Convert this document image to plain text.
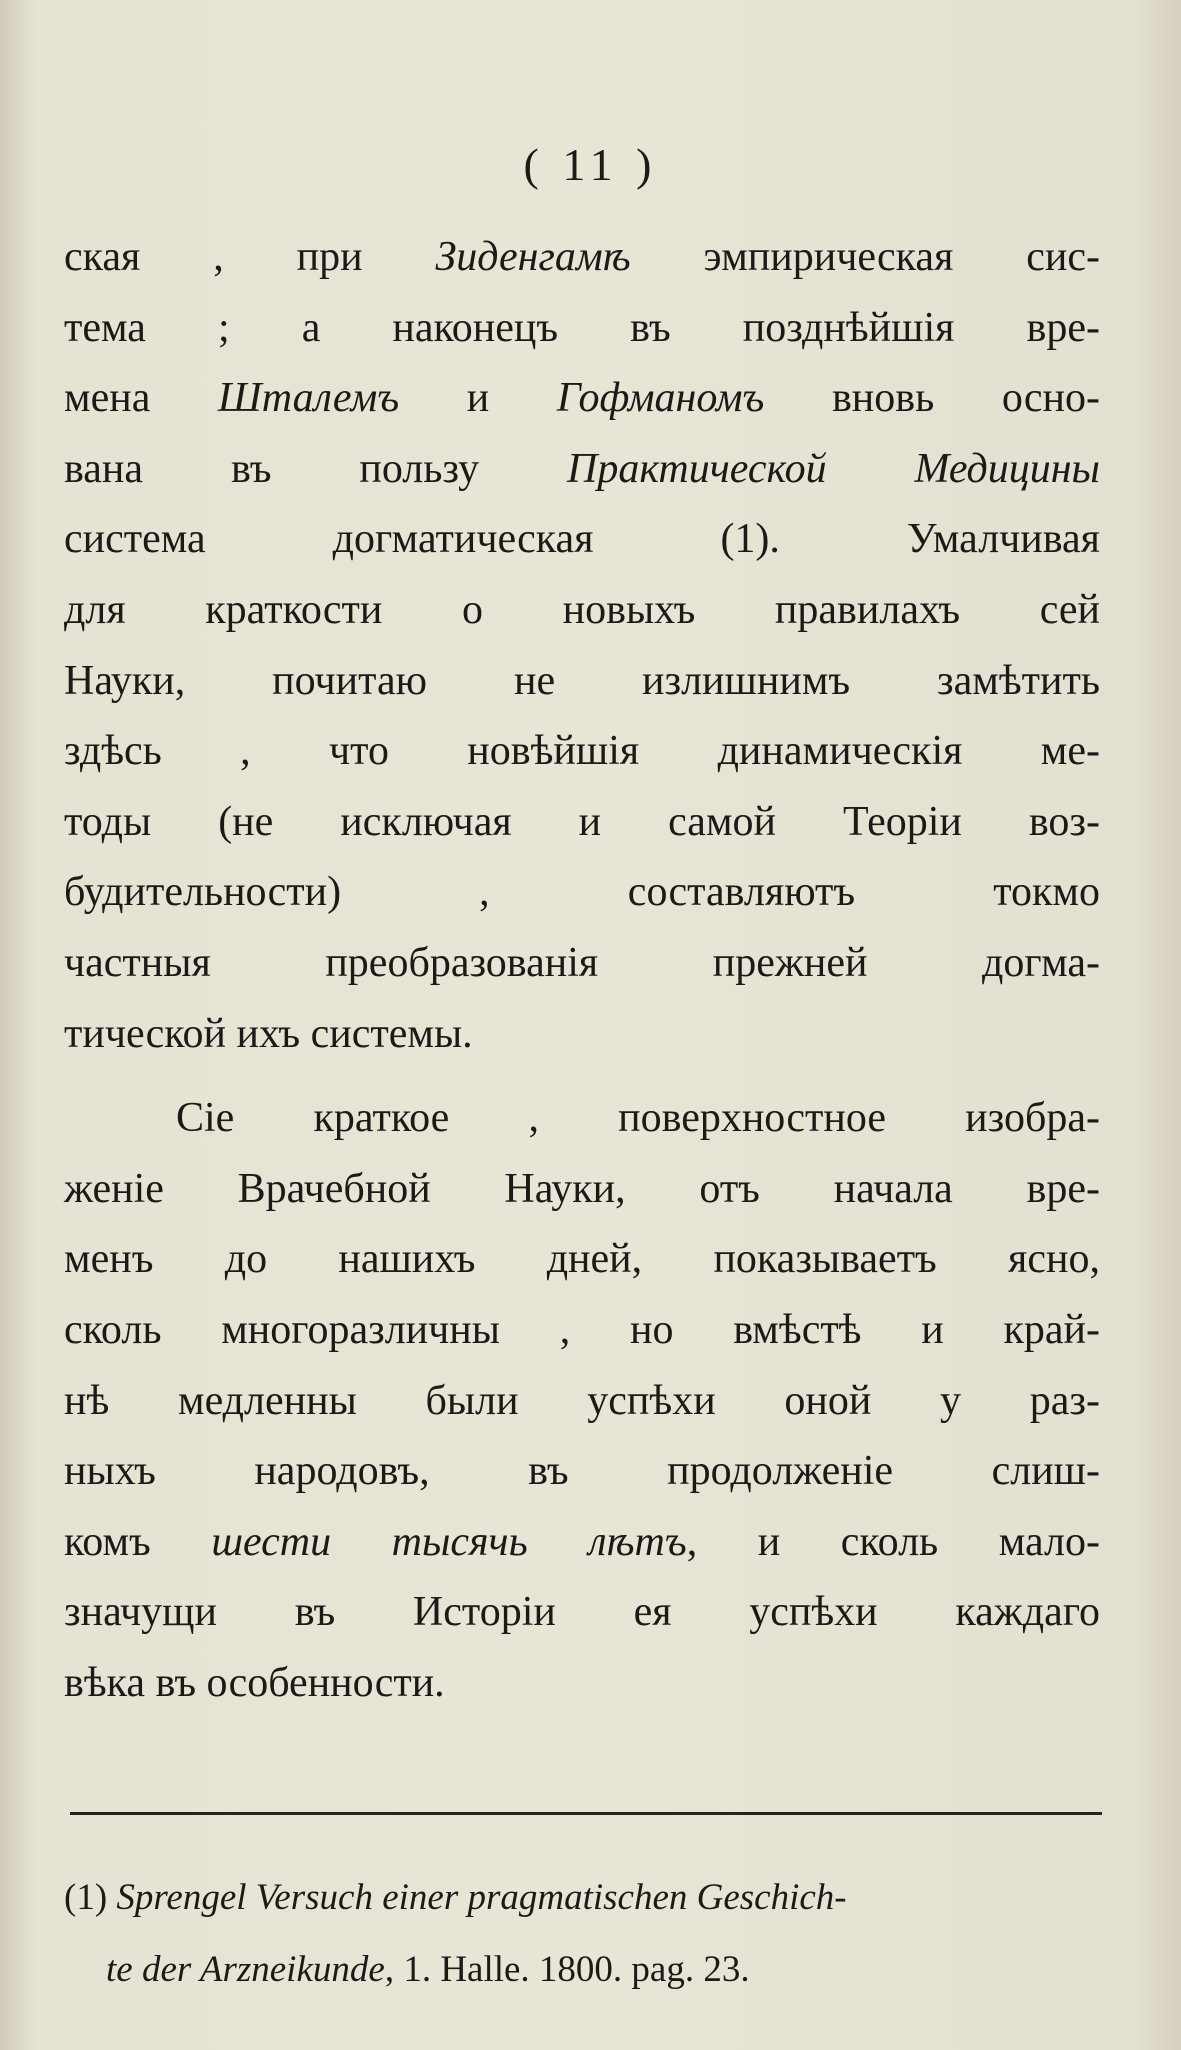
( 11 )
ская , при Зиденгамѣ эмпирическая сис-
тема ; а наконецъ въ позднѣйшія вре-
мена Шталемъ и Гофманомъ вновь осно-
вана въ пользу Практической Медицины
система догматическая (1). Умалчивая
для краткости о новыхъ правилахъ сей
Науки, почитаю не излишнимъ замѣтить
здѣсь , что новѣйшія динамическія ме-
тоды (не исключая и самой Теоріи воз-
будительности) , составляютъ токмо
частныя преобразованія прежней догма-
тической ихъ системы.
Сіе краткое , поверхностное изобра-
женіе Врачебной Науки, отъ начала вре-
менъ до нашихъ дней, показываетъ ясно,
сколь многоразличны , но вмѣстѣ и край-
нѣ медленны были успѣхи оной у раз-
ныхъ народовъ, въ продолженіе слиш-
комъ шести тысячь лѣтъ, и сколь мало-
значущи въ Исторіи ея успѣхи каждаго
вѣка въ особенности.
(1) Sprengel Versuch einer pragmatischen Geschich-
te der Arzneikunde, 1. Halle. 1800. pag. 23.
